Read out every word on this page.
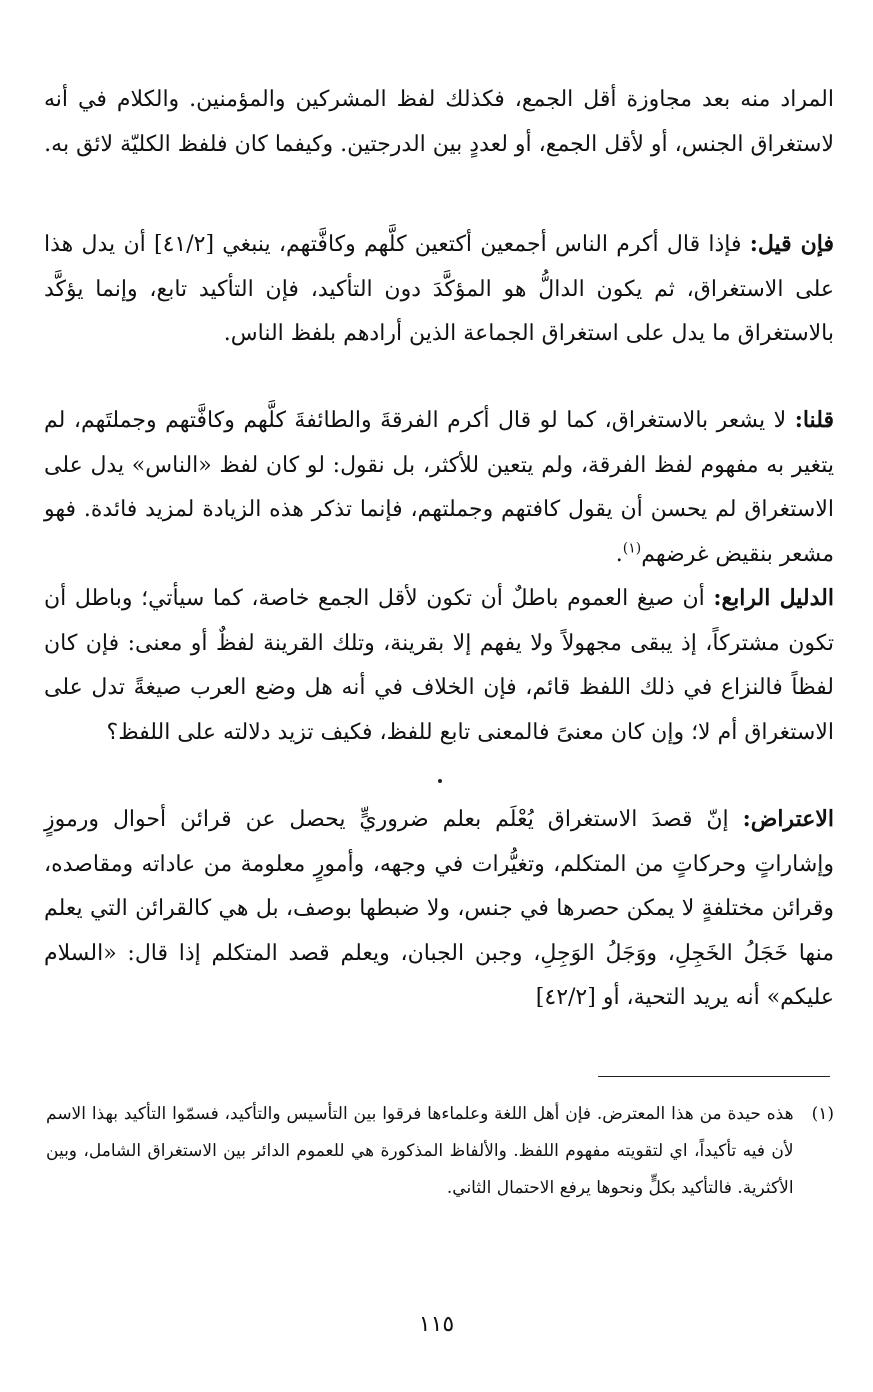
المراد منه بعد مجاوزة أقل الجمع، فكذلك لفظ المشركين والمؤمنين. والكلام في أنه لاستغراق الجنس، أو لأقل الجمع، أو لعددٍ بين الدرجتين. وكيفما كان فلفظ الكليّة لائق به.

فإن قيل: فإذا قال أكرم الناس أجمعين أكتعين كلَّهم وكافَّتهم، ينبغي [٤١/٢] أن يدل هذا على الاستغراق، ثم يكون الدالُّ هو المؤكَّدَ دون التأكيد، فإن التأكيد تابع، وإنما يؤكَّد بالاستغراق ما يدل على استغراق الجماعة الذين أرادهم بلفظ الناس.

قلنا: لا يشعر بالاستغراق، كما لو قال أكرم الفرقةَ والطائفةَ كلَّهم وكافَّتهم وجملتَهم، لم يتغير به مفهوم لفظ الفرقة، ولم يتعين للأكثر، بل نقول: لو كان لفظ «الناس» يدل على الاستغراق لم يحسن أن يقول كافتهم وجملتهم، فإنما تذكر هذه الزيادة لمزيد فائدة. فهو مشعر بنقيض غرضهم$^{(١)}$.

الدليل الرابع: أن صيغ العموم باطلٌ أن تكون لأقل الجمع خاصة، كما سيأتي؛ وباطل أن تكون مشتركاً، إذ يبقى مجهولاً ولا يفهم إلا بقرينة، وتلك القرينة لفظٌ أو معنى: فإن كان لفظاً فالنزاع في ذلك اللفظ قائم، فإن الخلاف في أنه هل وضع العرب صيغةً تدل على الاستغراق أم لا؛ وإن كان معنىً فالمعنى تابع للفظ، فكيف تزيد دلالته على اللفظ؟

الاعتراض: إنّ قصدَ الاستغراق يُعْلَم بعلم ضروريٍّ يحصل عن قرائن أحوال ورموزٍ وإشاراتٍ وحركاتٍ من المتكلم، وتغيُّرات في وجهه، وأمورٍ معلومة من عاداته ومقاصده، وقرائن مختلفةٍ لا يمكن حصرها في جنس، ولا ضبطها بوصف، بل هي كالقرائن التي يعلم منها خَجَلُ الخَجِلِ، ووَجَلُ الوَجِلِ، وجبن الجبان، ويعلم قصد المتكلم إذا قال: «السلام عليكم» أنه يريد التحية، أو [٤٢/٢]

(١)
هذه حيدة من هذا المعترض. فإن أهل اللغة وعلماءها فرقوا بين التأسيس والتأكيد، فسمّوا التأكيد بهذا الاسم لأن فيه تأكيداً، اي لتقويته مفهوم اللفظ. والألفاظ المذكورة هي للعموم الدائر بين الاستغراق الشامل، وبين الأكثرية. فالتأكيد بكلٍّ ونحوها يرفع الاحتمال الثاني.
١١٥
